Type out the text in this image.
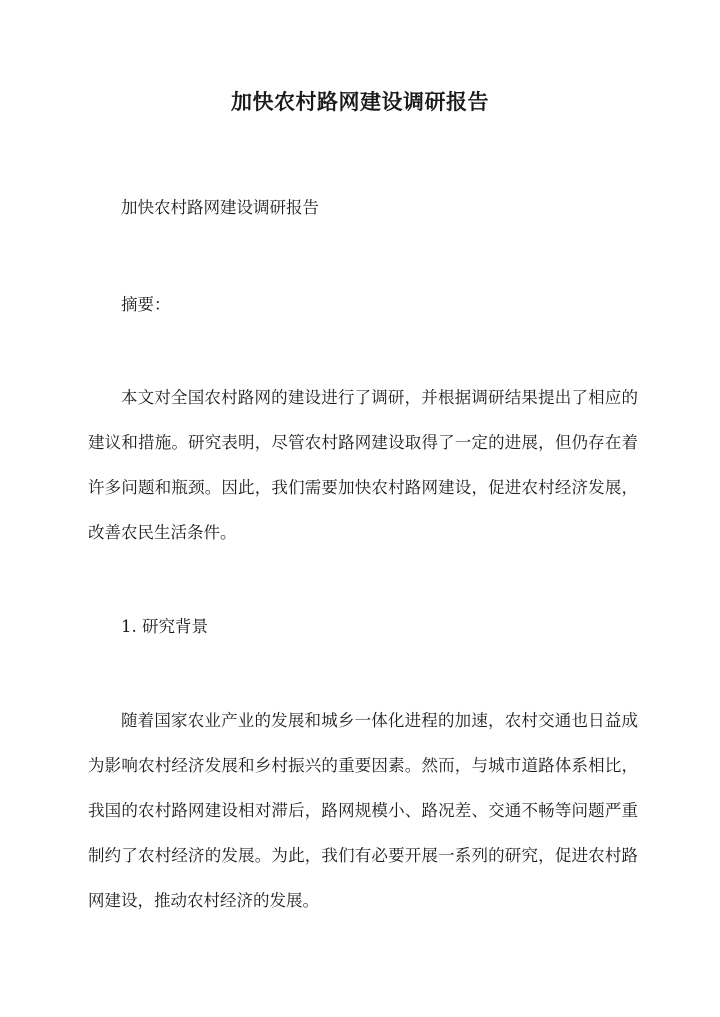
加快农村路网建设调研报告

加快农村路网建设调研报告

摘要：

本文对全国农村路网的建设进行了调研，并根据调研结果提出了相应的建议和措施。研究表明，尽管农村路网建设取得了一定的进展，但仍存在着许多问题和瓶颈。因此，我们需要加快农村路网建设，促进农村经济发展，改善农民生活条件。

1. 研究背景

随着国家农业产业的发展和城乡一体化进程的加速，农村交通也日益成为影响农村经济发展和乡村振兴的重要因素。然而，与城市道路体系相比，我国的农村路网建设相对滞后，路网规模小、路况差、交通不畅等问题严重制约了农村经济的发展。为此，我们有必要开展一系列的研究，促进农村路网建设，推动农村经济的发展。
